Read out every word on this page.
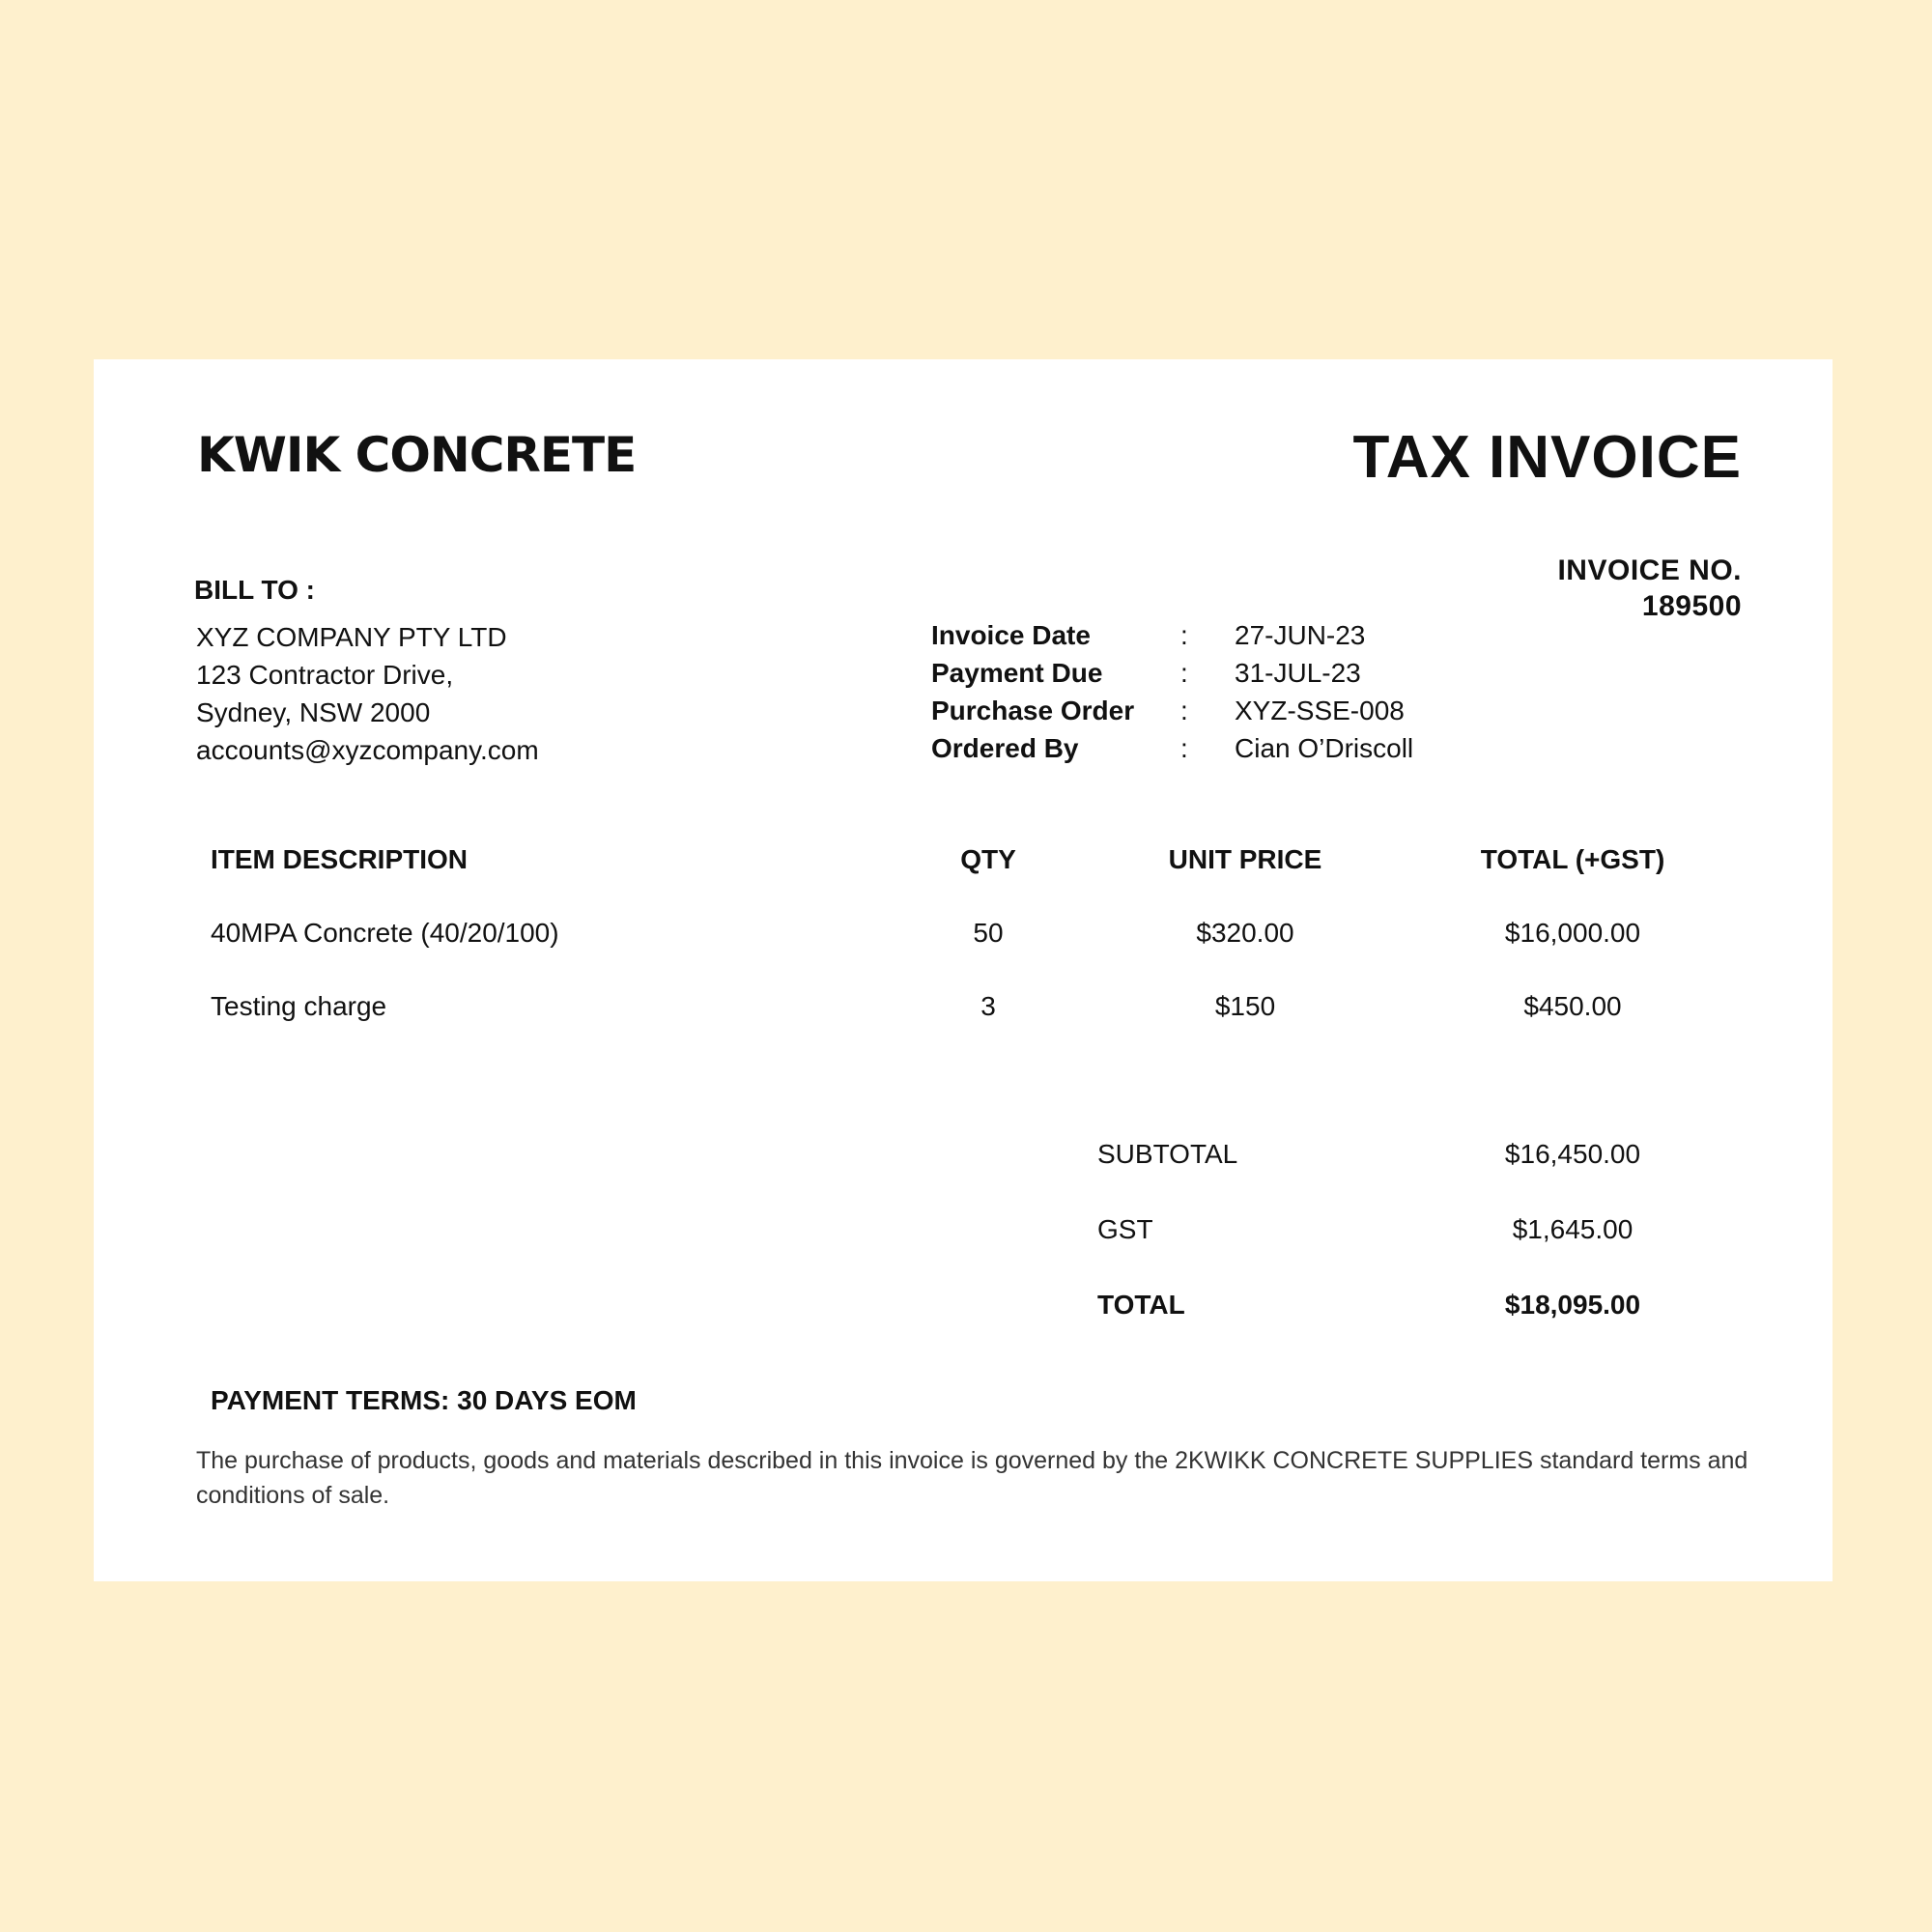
KWIK CONCRETE	TAX INVOICE
INVOICE NO.
189500
BILL TO :
XYZ COMPANY PTY LTD
123 Contractor Drive,
Sydney, NSW 2000
accounts@xyzcompany.com
Invoice Date	: 27-JUN-23
Payment Due	: 31-JUL-23
Purchase Order : XYZ-SSE-008
Ordered By	: Cian O’Driscoll
ITEM DESCRIPTION	QTY	UNIT PRICE	TOTAL (+GST)
40MPA Concrete (40/20/100)	50	$320.00	$16,000.00
Testing charge	3	$150	$450.00
SUBTOTAL	$16,450.00
GST	$1,645.00
TOTAL	$18,095.00
PAYMENT TERMS: 30 DAYS EOM
The purchase of products, goods and materials described in this invoice is governed by the 2KWIKK CONCRETE SUPPLIES standard terms and conditions of sale.
